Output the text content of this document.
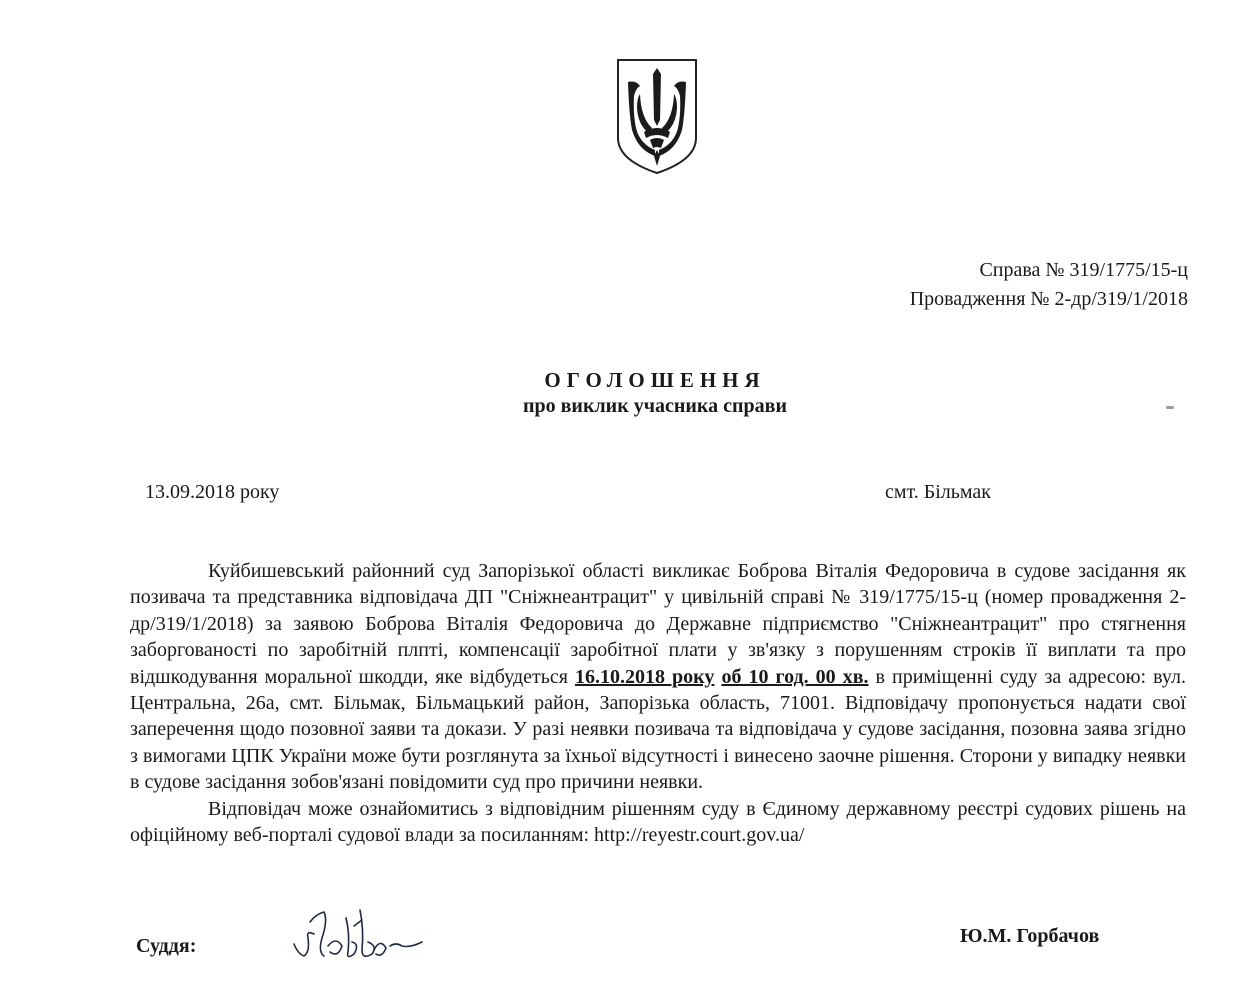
Справа № 319/1775/15-ц
Провадження № 2-др/319/1/2018
ОГОЛОШЕННЯ
про виклик учасника справи
13.09.2018 року	смт. Більмак

Куйбишевський районний суд Запорізької області викликає Боброва Віталія Федоровича в судове засідання як позивача та представника відповідача ДП "Сніжнеантрацит" у цивільній справі № 319/1775/15-ц (номер провадження 2-др/319/1/2018) за заявою Боброва Віталія Федоровича до Державне підприємство "Сніжнеантрацит" про стягнення заборгованості по заробітній плпті, компенсації заробітної плати у зв'язку з порушенням строків її виплати та про відшкодування моральної шкодди, яке відбудеться 16.10.2018 року об 10 год. 00 хв. в приміщенні суду за адресою: вул. Центральна, 26а, смт. Більмак, Більмацький район, Запорізька область, 71001. Відповідачу пропонується надати свої заперечення щодо позовної заяви та докази. У разі неявки позивача та відповідача у судове засідання, позовна заява згідно з вимогами ЦПК України може бути розглянута за їхньої відсутності і винесено заочне рішення. Сторони у випадку неявки в судове засідання зобов'язані повідомити суд про причини неявки.

Відповідач може ознайомитись з відповідним рішенням суду в Єдиному державному реєстрі судових рішень на офіційному веб-порталі судової влади за посиланням: http://reyestr.court.gov.ua/

Суддя:	Ю.М. Горбачов
